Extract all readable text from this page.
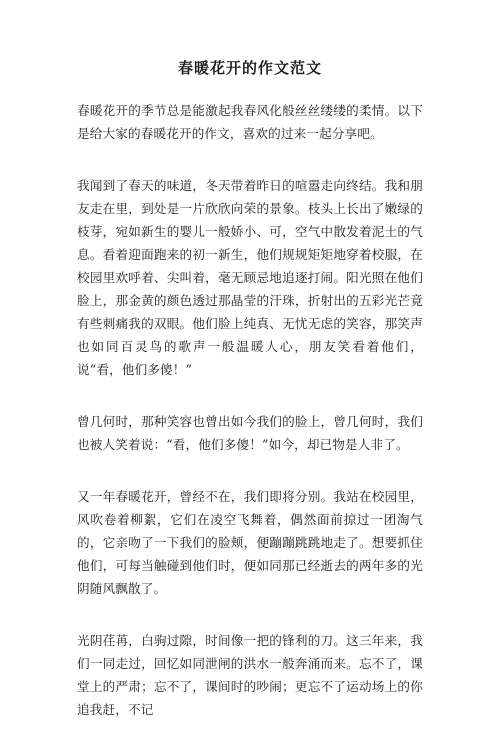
春暖花开的作文范文

春暖花开的季节总是能激起我春风化般丝丝缕缕的柔情。以下是给大家的春暖花开的作文，喜欢的过来一起分享吧。

我闻到了春天的味道，冬天带着昨日的喧嚣走向终结。我和朋友走在里，到处是一片欣欣向荣的景象。枝头上长出了嫩绿的枝芽，宛如新生的婴儿一般娇小、可，空气中散发着泥土的气息。看着迎面跑来的初一新生，他们规规矩矩地穿着校服，在校园里欢呼着、尖叫着，毫无顾忌地追逐打闹。阳光照在他们脸上，那金黄的颜色透过那晶莹的汗珠，折射出的五彩光芒竟有些刺痛我的双眼。他们脸上纯真、无忧无虑的笑容，那笑声也如同百灵鸟的歌声一般温暖人心，朋友笑看着他们，说“看，他们多傻！”

曾几何时，那种笑容也曾出如今我们的脸上，曾几何时，我们也被人笑着说：“看，他们多傻！”如今，却已物是人非了。

又一年春暖花开，曾经不在，我们即将分别。我站在校园里，风吹卷着柳絮，它们在凌空飞舞着，偶然面前掠过一团淘气的，它亲吻了一下我们的脸颊，便蹦蹦跳跳地走了。想要抓住他们，可每当触碰到他们时，便如同那已经逝去的两年多的光阴随风飘散了。

光阴荏苒，白驹过隙，时间像一把的锋利的刀。这三年来，我们一同走过，回忆如同泄闸的洪水一般奔涌而来。忘不了，课堂上的严肃；忘不了，课间时的吵闹；更忘不了运动场上的你追我赶，不记
